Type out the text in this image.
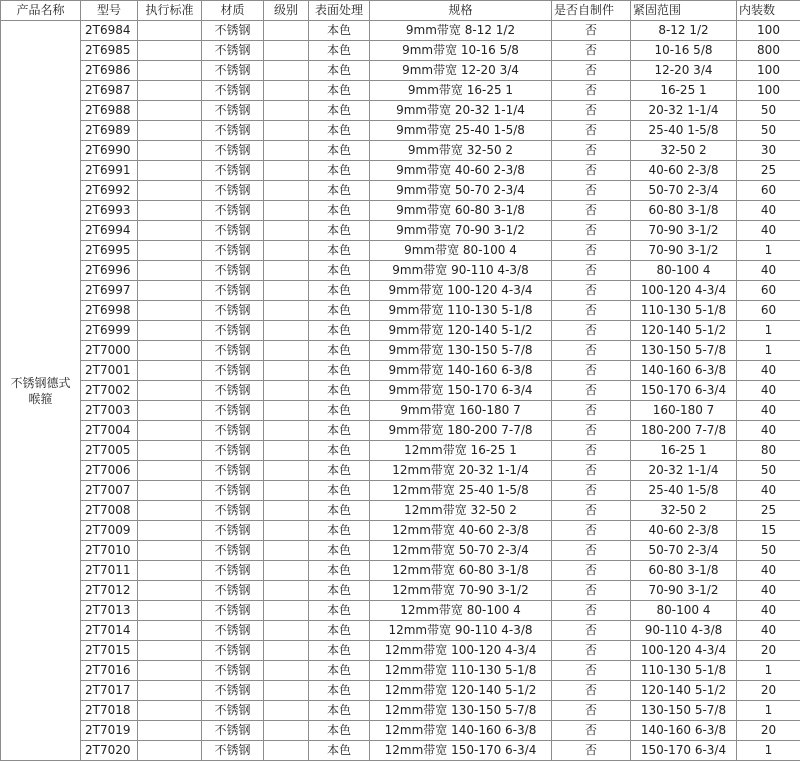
产品名称	型号	执行标准	材质	级别	表面处理	规格	是否自制件	紧固范围	内装数
不锈钢德式喉箍	2T6984		不锈钢		本色	9mm带宽 8-12 1/2	否	8-12 1/2	100
	2T6985		不锈钢		本色	9mm带宽 10-16 5/8	否	10-16 5/8	800
	2T6986		不锈钢		本色	9mm带宽 12-20 3/4	否	12-20 3/4	100
	2T6987		不锈钢		本色	9mm带宽 16-25 1	否	16-25 1	100
	2T6988		不锈钢		本色	9mm带宽 20-32 1-1/4	否	20-32 1-1/4	50
	2T6989		不锈钢		本色	9mm带宽 25-40 1-5/8	否	25-40 1-5/8	50
	2T6990		不锈钢		本色	9mm带宽 32-50 2	否	32-50 2	30
	2T6991		不锈钢		本色	9mm带宽 40-60 2-3/8	否	40-60 2-3/8	25
	2T6992		不锈钢		本色	9mm带宽 50-70 2-3/4	否	50-70 2-3/4	60
	2T6993		不锈钢		本色	9mm带宽 60-80 3-1/8	否	60-80 3-1/8	40
	2T6994		不锈钢		本色	9mm带宽 70-90 3-1/2	否	70-90 3-1/2	40
	2T6995		不锈钢		本色	9mm带宽 80-100 4	否	70-90 3-1/2	1
	2T6996		不锈钢		本色	9mm带宽 90-110 4-3/8	否	80-100 4	40
	2T6997		不锈钢		本色	9mm带宽 100-120 4-3/4	否	100-120 4-3/4	60
	2T6998		不锈钢		本色	9mm带宽 110-130 5-1/8	否	110-130 5-1/8	60
	2T6999		不锈钢		本色	9mm带宽 120-140 5-1/2	否	120-140 5-1/2	1
	2T7000		不锈钢		本色	9mm带宽 130-150 5-7/8	否	130-150 5-7/8	1
	2T7001		不锈钢		本色	9mm带宽 140-160 6-3/8	否	140-160 6-3/8	40
	2T7002		不锈钢		本色	9mm带宽 150-170 6-3/4	否	150-170 6-3/4	40
	2T7003		不锈钢		本色	9mm带宽 160-180 7	否	160-180 7	40
	2T7004		不锈钢		本色	9mm带宽 180-200 7-7/8	否	180-200 7-7/8	40
	2T7005		不锈钢		本色	12mm带宽 16-25 1	否	16-25 1	80
	2T7006		不锈钢		本色	12mm带宽 20-32 1-1/4	否	20-32 1-1/4	50
	2T7007		不锈钢		本色	12mm带宽 25-40 1-5/8	否	25-40 1-5/8	40
	2T7008		不锈钢		本色	12mm带宽 32-50 2	否	32-50 2	25
	2T7009		不锈钢		本色	12mm带宽 40-60 2-3/8	否	40-60 2-3/8	15
	2T7010		不锈钢		本色	12mm带宽 50-70 2-3/4	否	50-70 2-3/4	50
	2T7011		不锈钢		本色	12mm带宽 60-80 3-1/8	否	60-80 3-1/8	40
	2T7012		不锈钢		本色	12mm带宽 70-90 3-1/2	否	70-90 3-1/2	40
	2T7013		不锈钢		本色	12mm带宽 80-100 4	否	80-100 4	40
	2T7014		不锈钢		本色	12mm带宽 90-110 4-3/8	否	90-110 4-3/8	40
	2T7015		不锈钢		本色	12mm带宽 100-120 4-3/4	否	100-120 4-3/4	20
	2T7016		不锈钢		本色	12mm带宽 110-130 5-1/8	否	110-130 5-1/8	1
	2T7017		不锈钢		本色	12mm带宽 120-140 5-1/2	否	120-140 5-1/2	20
	2T7018		不锈钢		本色	12mm带宽 130-150 5-7/8	否	130-150 5-7/8	1
	2T7019		不锈钢		本色	12mm带宽 140-160 6-3/8	否	140-160 6-3/8	20
	2T7020		不锈钢		本色	12mm带宽 150-170 6-3/4	否	150-170 6-3/4	1
